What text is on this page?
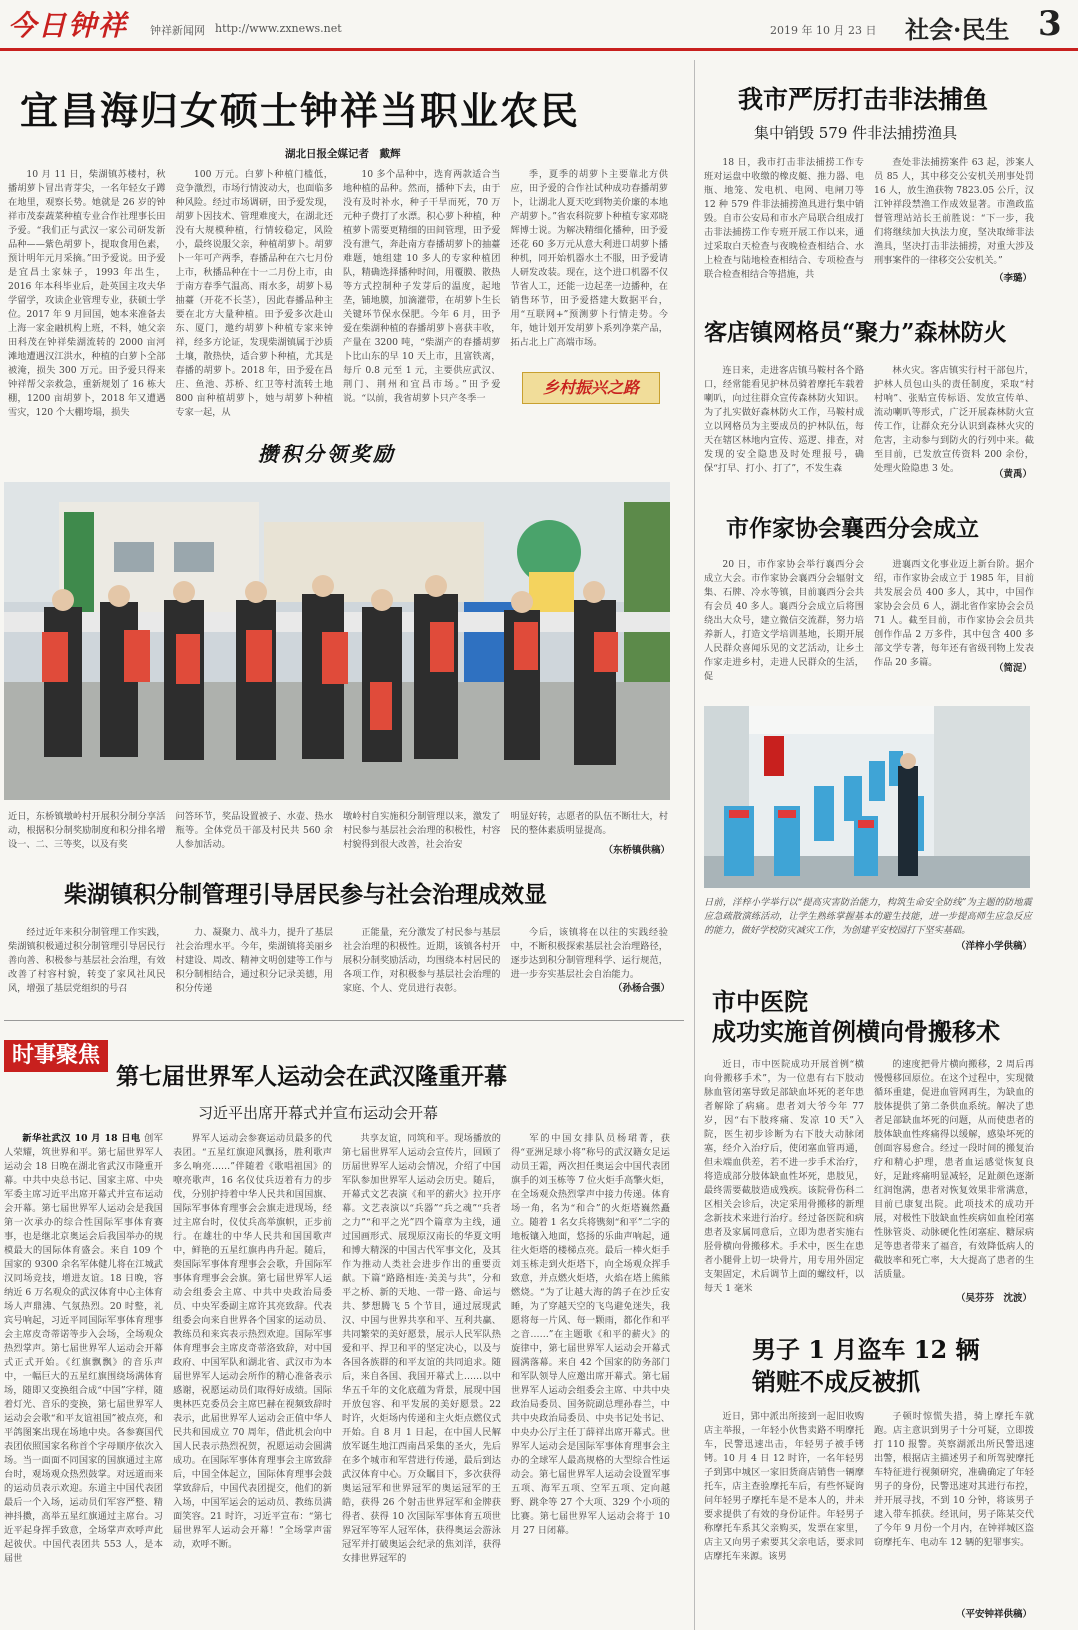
今日钟祥 钟祥新闻网 http://www.zxnews.net	2019 年 10 月 23 日 社会·民生 3
宜昌海归女硕士钟祥当职业农民
湖北日报全媒记者　戴辉

10 月 11 日，柴湖镇苏楼村，秋播胡萝卜冒出青芽尖，一名年轻女子蹲在地里，观察长势。她就是 26 岁的钟祥市茂泰蔬菜种植专业合作社理事长田予爱。“我们正与武汉一家公司研发新品种——紫色胡萝卜，提取食用色素，预计明年元月采摘。”田予爱说。田予爱是宜昌土家妹子，1993 年出生，2016 年本科毕业后，赴英国主攻夫华学留学，攻读企业管理专业，获硕士学位。2017 年 9 月回国，她本来准备去上海一家金融机构上班，不料，她父亲田科茂在钟祥柴湖流转的 2000 亩河滩地遭遇汉江洪水，种植的白萝卜全部被淹，损失 300 万元。田予爱只得来钟祥帮父亲救急，重新规划了 16 栋大棚，1200 亩胡萝卜，2018 年又遭遇雪灾，120 个大棚垮塌，损失

100 万元。白萝卜种植门槛低，竞争激烈，市场行情波动大，也面临多种风险。经过市场调研，田予爱发现，胡萝卜因技术、管理难度大，在湖北还没有大规模种植，行情较稳定，风险小，最终说服父亲，种植胡萝卜。胡萝卜一年可产两季，春播品种在六七月份上市，秋播品种在十一二月份上市，由于南方春季气温高、雨水多，胡萝卜易抽薹（开花不长茎），因此春播品种主要在北方大量种植。田予爱多次赴山东、厦门，邀约胡萝卜种植专家来钟祥，经多方论证，发现柴湖镇属于沙质土壤，散热快，适合萝卜种植，尤其是春播的胡萝卜。2018 年，田予爱在昌庄、鱼池、苏桥、红卫等村流转土地 800 亩种植胡萝卜，她与胡萝卜种植专家一起，从

10 多个品种中，选育两款适合当地种植的品种。然而，播种下去，由于没有及时补水，种子干旱而死，70 万元种子费打了水漂。积心萝卜种植，种植萝卜需要更精细的田间管理，田予爱没有泄气，奔赴南方春播胡萝卜的抽薹难题，她组建 10 多人的专家种植团队，精确选择播种时间，用覆膜、散热等方式控制种子发芽后的温度，起地垄，铺地膜，加滴灌带，在胡萝卜生长关键环节保水保肥。今年 6 月，田予爱在柴湖种植的春播胡萝卜喜获丰收，产量在 3200 吨，“柴湖产的春播胡萝卜比山东的早 10 天上市，且富铁离，每斤 0.8 元至 1 元，主要供应武汉、荆门、荆州和宜昌市场。”田予爱说。“以前，我省胡萝卜只产冬季一

季，夏季的胡萝卜主要靠北方供应，田予爱的合作社试种成功春播胡萝卜，让湖北人夏天吃到物美价廉的本地产胡萝卜。”省农科院萝卜种植专家邓晓辉博士说。为解决精细化播种，田予爱还花 60 多万元从意大利进口胡萝卜播种机，同开始机器水土不服，田予爱请人研发改装。现在，这个进口机器不仅节省人工，还能一边起垄一边播种，在销售环节，田予爱搭建大数据平台，用“互联网+”预测萝卜行情走势。今年，她计划开发胡萝卜系列净菜产品，拓占北上广高端市场。

乡村振兴之路
攒积分领奖励
近日，东桥镇墩岭村开展积分制分享活动，根据积分制奖励制度和积分排名增设一、二、三等奖，以及有奖
问答环节，奖品设置被子、水壶、热水瓶等。全体党员干部及村民共 560 余人参加活动。
墩岭村自实施积分制管理以来，激发了村民参与基层社会治理的积极性，村容村貌得到很大改善，社会治安
明显好转，志愿者的队伍不断壮大，村民的整体素质明显提高。
（东桥镇供稿）
柴湖镇积分制管理引导居民参与社会治理成效显

经过近年来积分制管理工作实践，柴湖镇积极通过积分制管理引导居民行善向善、积极参与基层社会治理，有效改善了村容村貌，转变了家风社风民风，增强了基层党组织的号召

力、凝聚力、战斗力，提升了基层社会治理水平。今年，柴湖镇将美丽乡村建设、周改、精神文明创建等工作与积分制相结合，通过积分记录美德，用积分传递

正能量，充分激发了村民参与基层社会治理的积极性。近期，该镇各村开展积分制奖励活动，均围绕本村居民的各项工作，对积极参与基层社会治理的家庭、个人、党员进行表彰。

今后，该镇将在以往的实践经验中，不断积极探索基层社会治理路径，逐步达到积分制管理科学、运行规范，进一步夯实基层社会自治能力。

（孙杨合强）
时事聚焦
第七届世界军人运动会在武汉隆重开幕
习近平出席开幕式并宣布运动会开幕

新华社武汉 10 月 18 日电 创军人荣耀，筑世界和平。第七届世界军人运动会 18 日晚在湖北省武汉市隆重开幕。中共中央总书记、国家主席、中央军委主席习近平出席开幕式并宣布运动会开幕。第七届世界军人运动会是我国第一次承办的综合性国际军事体育赛事，也是继北京奥运会后我国举办的规模最大的国际体育盛会。来自 109 个国家的 9300 余名军体健儿将在江城武汉同场竞技，增进友谊。18 日晚，容纳近 6 万名观众的武汉体育中心主体育场人声鼎沸、气氛热烈。20 时整，礼宾号响起，习近平同国际军事体育理事会主席皮奇蒂诺等步入会场，全场观众热烈掌声。第七届世界军人运动会开幕式正式开始。《红旗飘飘》的音乐声中，一幅巨大的五星红旗围绕场满体育场，随即又变换组合成“中国”字样，随着灯光、音乐的变换，第七届世界军人运动会会歌“和平友谊祖国”被点亮，和平鸽图案出现在场地中央。各参赛国代表团依照国家名称首个字母顺序依次入场。当一面面不同国家的国旗通过主席台时，观场观众热烈鼓掌。对远道而来的运动员表示欢迎。东道主中国代表团最后一个入场，运动员们军容严整、精神抖擞，高举五星红旗通过主席台。习近平起身挥手致意，全场掌声欢呼声此起彼伏。中国代表团共 553 人，是本届世

界军人运动会参赛运动员最多的代表团。“五星红旗迎风飘扬，胜利歌声多么响亮……”伴随着《歌唱祖国》的嘹亮歌声，16 名仪仗兵迈着有力的步伐，分别护持着中华人民共和国国旗、国际军事体育理事会会旗走进现场，经过主席台时，仪仗兵高举旗帜，正步前行。在雄壮的中华人民共和国国歌声中，鲜艳的五星红旗冉冉升起。随后，奏国际军事体育理事会会歌，升国际军事体育理事会会旗。第七届世界军人运动会组委会主席、中共中央政治局委员、中央军委副主席许其亮致辞。代表组委会向来自世界各个国家的运动员、教练员和来宾表示热烈欢迎。国际军事体育理事会主席皮奇蒂洛致辞，对中国政府、中国军队和湖北省、武汉市为本届世界军人运动会所作的精心准备表示感谢，祝愿运动员们取得好成绩。国际奥林匹克委员会主席巴赫在视频致辞时表示，此届世界军人运动会正值中华人民共和国成立 70 周年，借此机会向中国人民表示热烈祝贺，祝愿运动会圆满成功。在国际军事体育理事会主席致辞后，中国全体起立，国际体育理事会鼓掌致辞后，中国代表团提交，他们的新入场，中国军运会的运动员、教练员满面笑容。21 时许，习近平宣布：“第七届世界军人运动会开幕！”全场掌声雷动，欢呼不断。

共享友谊，同筑和平。现场播放的第七届世界军人运动会宣传片，回顾了历届世界军人运动会情况，介绍了中国军队参加世界军人运动会历史。随后，开幕式文艺表演《和平的薪火》拉开序幕。文艺表演以“兵器”“兵之魂”“兵者之力”“和平之光”四个篇章为主线，通过国画形式、展现原汉南长的华夏文明和博大精深的中国古代军事文化，及其作为推动人类社会进步作出的重要贡献。下篇“路路相连·美美与共”，分和平之桥、新的天地、一带一路、命运与共、梦想腾飞 5 个节目，通过展现武汉、中国与世界共享和平、互利共赢、共同繁荣的美好愿景，展示人民军队热爱和平、捍卫和平的坚定决心，以及与各国各族群的和平友谊的共同追求。随后，来自各国、我国开幕式上……以中华五千年的文化底蕴为背景，展现中国开放包容、和平发展的美好愿景。22 时许，火炬场内传递和主火炬点燃仪式开始。自 8 月 1 日起，在中国人民解放军诞生地江西南昌采集的圣火，先后在多个城市和军营进行传递，最后到达武汉体育中心。万众瞩目下，多次获得奥运冠军和世界冠军的奥运冠军的王皓，获得 26 个射击世界冠军和金牌获得者、获得 10 次国际军事体育五项世界冠军等军人冠军体，获得奥运会游泳冠军并打破奥运会纪录的焦刘洋，获得女排世界冠军的

军的中国女排队员杨珺菁，获得“亚洲足球小将”称号的武汉籍女足运动员王霜，两次担任奥运会中国代表团旗手的刘玉栋等 7 位火炬手高擎火炬，在全场观众热烈掌声中接力传递。体育场一角，名为“和合”的火炬塔巍然矗立。随着 1 名女兵将镌刻“和平”二字的地板镶入地面，悠扬的乐曲声响起，通往火炬塔的楼梯点亮。最后一棒火炬手刘玉栋走到火炬塔下，向全场观众挥手致意，并点燃火炬塔，火焰在塔上熊熊燃烧。“为了让越大海的鸽子在沙丘安睡，为了穿越天空的飞鸟避免迷失，我愿将每一片风、每一颗雨，都化作和平之音……”在主题歌《和平的薪火》的旋律中，第七届世界军人运动会开幕式圆满落幕。来自 42 个国家的防务部门和军队领导人应邀出席开幕式。第七届世界军人运动会组委会主席、中共中央政治局委员、国务院副总理孙春兰，中共中央政治局委员、中央书记处书记、中央办公厅主任丁薛祥出席开幕式。世界军人运动会是国际军事体育理事会主办的全球军人最高规格的大型综合性运动会。第七届世界军人运动会设置军事五项、海军五项、空军五项、定向越野、跳伞等 27 个大项、329 个小项的比赛。第七届世界军人运动会将于 10 月 27 日闭幕。

我市严厉打击非法捕鱼
集中销毁 579 件非法捕捞渔具

18 日，我市打击非法捕捞工作专班对运盘中收缴的橡皮艇、推力器、电瓶、地笼、发电机、电网、电闸刀等 12 种 579 件非法捕捞渔具进行集中销毁。自市公安局和市水产局联合组成打击非法捕捞工作专班开展工作以来，通过采取白天检查与夜晚检查相结合、水上检查与陆地检查相结合、专项检查与联合检查相结合等措施，共

查处非法捕捞案件 63 起，涉案人员 85 人，其中移交公安机关刑事处罚 16 人，放生渔获物 7823.05 公斤，汉江钟祥段禁渔工作成效显著。市渔政监督管理站站长王前胜说：“下一步，我们将继续加大执法力度，坚决取缔非法渔具，坚决打击非法捕捞，对重大涉及刑事案件的一律移交公安机关。”

（李璐）
客店镇网格员“聚力”森林防火

连日来，走进客店镇马鞍村各个路口，经常能看见护林员骑着摩托车载着喇叭，向过往群众宣传森林防火知识。为了扎实做好森林防火工作，马鞍村成立以网格员为主要成员的护林队伍，每天在辖区林地内宣传、巡逻、排查，对发现的安全隐患及时处理报号，确保“打早、打小、打了”，不发生森

林火灾。客店镇实行村干部包片，护林人员包山头的责任制度，采取“村村响”、张贴宣传标语、发放宣传单、流动喇叭等形式，广泛开展森林防火宣传工作，让群众充分认识到森林火灾的危害，主动参与到防火的行列中来。截至目前，已发放宣传资料 200 余份，处理火险隐患 3 处。

（黄禹）
市作家协会襄西分会成立

20 日，市作家协会举行襄西分会成立大会。市作家协会襄西分会辐射文集、石牌、冷水等镇，目前襄西分会共有会员 40 多人。襄西分会成立后将围绕出大众号，建立微信交流群，努力培养新人，打造文学培训基地，长期开展人民群众喜闻乐见的文艺活动，让乡土作家走进乡村，走进人民群众的生活，促

进襄西文化事业迈上新台阶。据介绍，市作家协会成立于 1985 年，目前共发展会员 400 多人，其中，中国作家协会会员 6 人，湖北省作家协会会员 71 人。截至目前，市作家协会会员共创作作品 2 万多件，其中包含 400 多部文学专著，每年还有省级刊物上发表作品 20 多篇。

（简浞）
日前，洋梓小学举行以“提高灾害防治能力，构筑生命安全防线”为主题的防地震应急疏散演练活动，让学生熟练掌握基本的避生技能，进一步提高师生应急反应的能力，做好学校防灾减灾工作，为创建平安校园打下坚实基础。
（洋梓小学供稿）
市中医院
成功实施首例横向骨搬移术

近日，市中医院成功开展首例“横向骨搬移手术”，为一位患有右下肢动脉血管闭塞导致足部缺血坏死的老年患者解除了病痛。患者刘大爷今年 77 岁，因“右下肢疼痛、发凉 10 天”入院，医生初步诊断为右下肢大动脉闭塞，经介入治疗后，使闭塞血管再通，但未端血供差，若不进一步手术治疗，将造成部分肢体缺血性坏死，患肢见，最终需要截肢造成残疾。该院骨伤科二区相关会诊后，决定采用骨搬移的新理念新技术来进行治疗。经过备医院和病患者及家属同意后，立即为患者实施右胫骨横向骨搬移术。手术中，医生在患者小腿骨上切一块骨片，用专用外固定支架固定，术后调节上面的螺纹杆，以每天 1 毫米

的速度把骨片横向搬移，2 周后再慢慢移回原位。在这个过程中，实现微循环重建，促进血管网再生，为缺血的肢体提供了第二条供血系统。解决了患者足部缺血坏死的问题，从而使患者的肢体缺血性疼痛得以缓解，感染坏死的创面容易愈合。经过一段时间的搬复治疗和精心护理，患者血运感觉恢复良好，足趾疼痛明显减轻，足趾颜色逐渐红润饱满，患者对恢复效果非常满意，目前已康复出院。此项技术的成功开展，对极性下肢缺血性疾病如血栓闭塞性脉管炎、动脉硬化性闭塞症、糖尿病足等患者带来了福音，有效降低病人的截肢率和死亡率，大大提高了患者的生活质量。

（吴芬芬　沈波）
男子 1 月盗车 12 辆
销赃不成反被抓

近日，郢中派出所接到一起旧收购店主举报，一年轻小伙售卖路不明摩托车，民警迅速出击，年轻男子被手铐铐。10 月 4 日 12 时许，一名年轻男子到郢中城区一家旧货商店销售一辆摩托车，店主查验摩托车后，有些怀疑询问年轻男子摩托车是不是本人的，并未要求提供了有效的身份证件。年轻男子称摩托车系其父亲购买，发票在家里，店主又向男子索要其父亲电话，要求同店摩托车来源。该男

子顿时惊慌失措，骑上摩托车就跑。店主意识到男子十分可疑，立即拨打 110 报警。英察湖派出所民警迅速出警，根据店主描述男子和所驾驶摩托车特征进行视频研究，准确确定了年轻男子的身份，民警迅速对其进行布控，并开展寻找，不到 10 分钟，将该男子逮入带车抓获。经讯问，男子陈某交代了今年 9 月份一个月内，在钟祥城区盗窃摩托车、电动车 12 辆的犯罪事实。

（平安钟祥供稿）
